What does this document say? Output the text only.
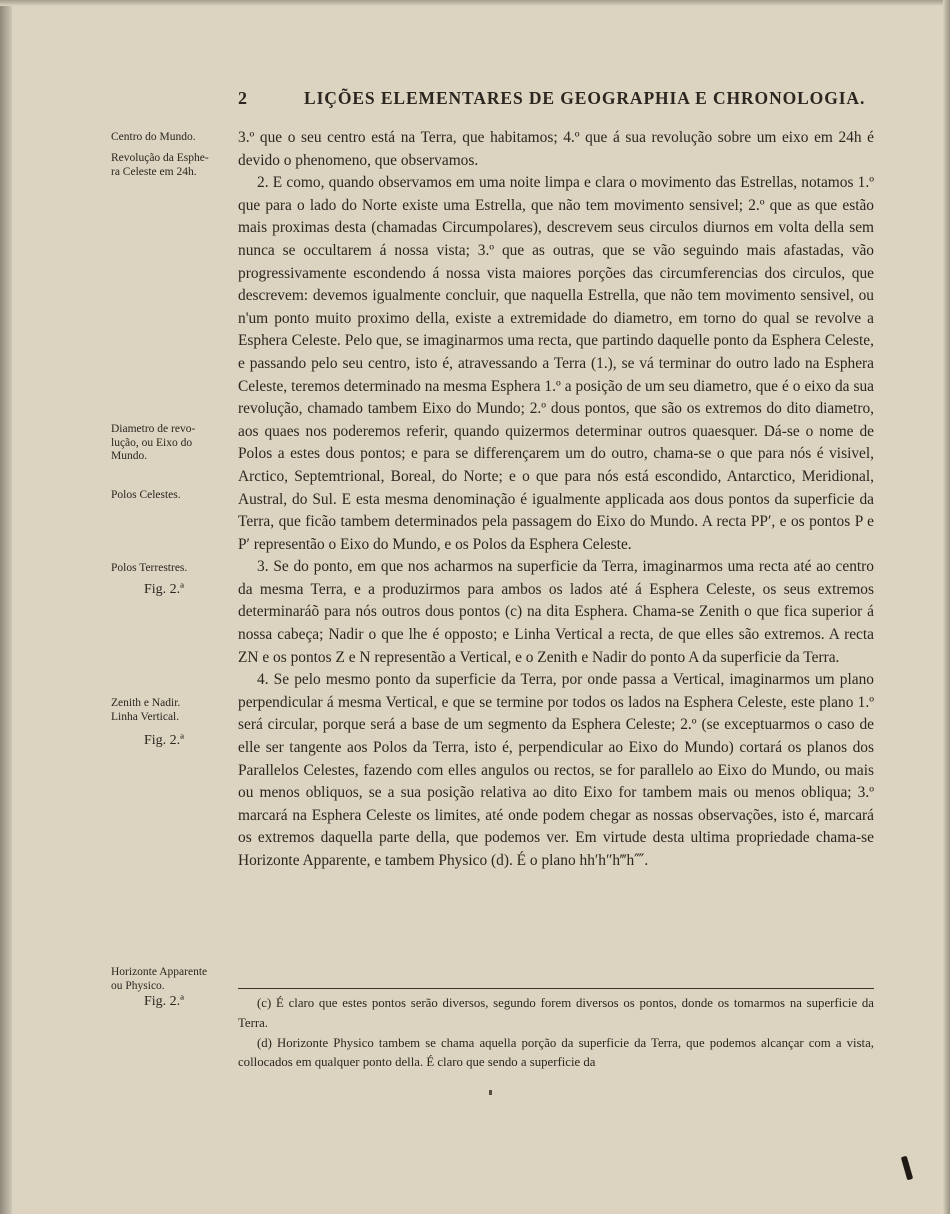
2	LIÇÕES ELEMENTARES DE GEOGRAPHIA E CHRONOLOGIA.
Centro do Mundo.
Revolução da Esphe-
ra Celeste em 24h.
Diametro de revo-
lução, ou Eixo do
Mundo.
Polos Celestes.
Polos Terrestres.
Fig. 2.ª
Zenith e Nadir.
Linha Vertical.
Fig. 2.ª
Horizonte Apparente
ou Physico.
Fig. 2.ª

3.º que o seu centro está na Terra, que habitamos; 4.º que á sua revolução sobre um eixo em 24h é devido o phenomeno, que observamos.

2. E como, quando observamos em uma noite limpa e clara o movimento das Estrellas, notamos 1.º que para o lado do Norte existe uma Estrella, que não tem movimento sensivel; 2.º que as que estão mais proximas desta (chamadas Circumpolares), descrevem seus circulos diurnos em volta della sem nunca se occultarem á nossa vista; 3.º que as outras, que se vão seguindo mais afastadas, vão progressivamente escondendo á nossa vista maiores porções das circumferencias dos circulos, que descrevem: devemos igualmente concluir, que naquella Estrella, que não tem movimento sensivel, ou n'um ponto muito proximo della, existe a extremidade do diametro, em torno do qual se revolve a Esphera Celeste. Pelo que, se imaginarmos uma recta, que partindo daquelle ponto da Esphera Celeste, e passando pelo seu centro, isto é, atravessando a Terra (1.), se vá terminar do outro lado na Esphera Celeste, teremos determinado na mesma Esphera 1.º a posição de um seu diametro, que é o eixo da sua revolução, chamado tambem Eixo do Mundo; 2.º dous pontos, que são os extremos do dito diametro, aos quaes nos poderemos referir, quando quizermos determinar outros quaesquer. Dá-se o nome de Polos a estes dous pontos; e para se differençarem um do outro, chama-se o que para nós é visivel, Arctico, Septemtrional, Boreal, do Norte; e o que para nós está escondido, Antarctico, Meridional, Austral, do Sul. E esta mesma denominação é igualmente applicada aos dous pontos da superficie da Terra, que ficão tambem determinados pela passagem do Eixo do Mundo. A recta PP′, e os pontos P e P′ representão o Eixo do Mundo, e os Polos da Esphera Celeste.

3. Se do ponto, em que nos acharmos na superficie da Terra, imaginarmos uma recta até ao centro da mesma Terra, e a produzirmos para ambos os lados até á Esphera Celeste, os seus extremos determinaráõ para nós outros dous pontos (c) na dita Esphera. Chama-se Zenith o que fica superior á nossa cabeça; Nadir o que lhe é opposto; e Linha Vertical a recta, de que elles são extremos. A recta ZN e os pontos Z e N representão a Vertical, e o Zenith e Nadir do ponto A da superficie da Terra.

4. Se pelo mesmo ponto da superficie da Terra, por onde passa a Vertical, imaginarmos um plano perpendicular á mesma Vertical, e que se termine por todos os lados na Esphera Celeste, este plano 1.º será circular, porque será a base de um segmento da Esphera Celeste; 2.º (se exceptuarmos o caso de elle ser tangente aos Polos da Terra, isto é, perpendicular ao Eixo do Mundo) cortará os planos dos Parallelos Celestes, fazendo com elles angulos ou rectos, se for parallelo ao Eixo do Mundo, ou mais ou menos obliquos, se a sua posição relativa ao dito Eixo for tambem mais ou menos obliqua; 3.º marcará na Esphera Celeste os limites, até onde podem chegar as nossas observações, isto é, marcará os extremos daquella parte della, que podemos ver. Em virtude desta ultima propriedade chama-se Horizonte Apparente, e tambem Physico (d). É o plano hh′h″h‴h⁗.

(c) É claro que estes pontos serão diversos, segundo forem diversos os pontos, donde os tomarmos na superficie da Terra.

(d) Horizonte Physico tambem se chama aquella porção da superficie da Terra, que podemos alcançar com a vista, collocados em qualquer ponto della. É claro que sendo a superficie da
